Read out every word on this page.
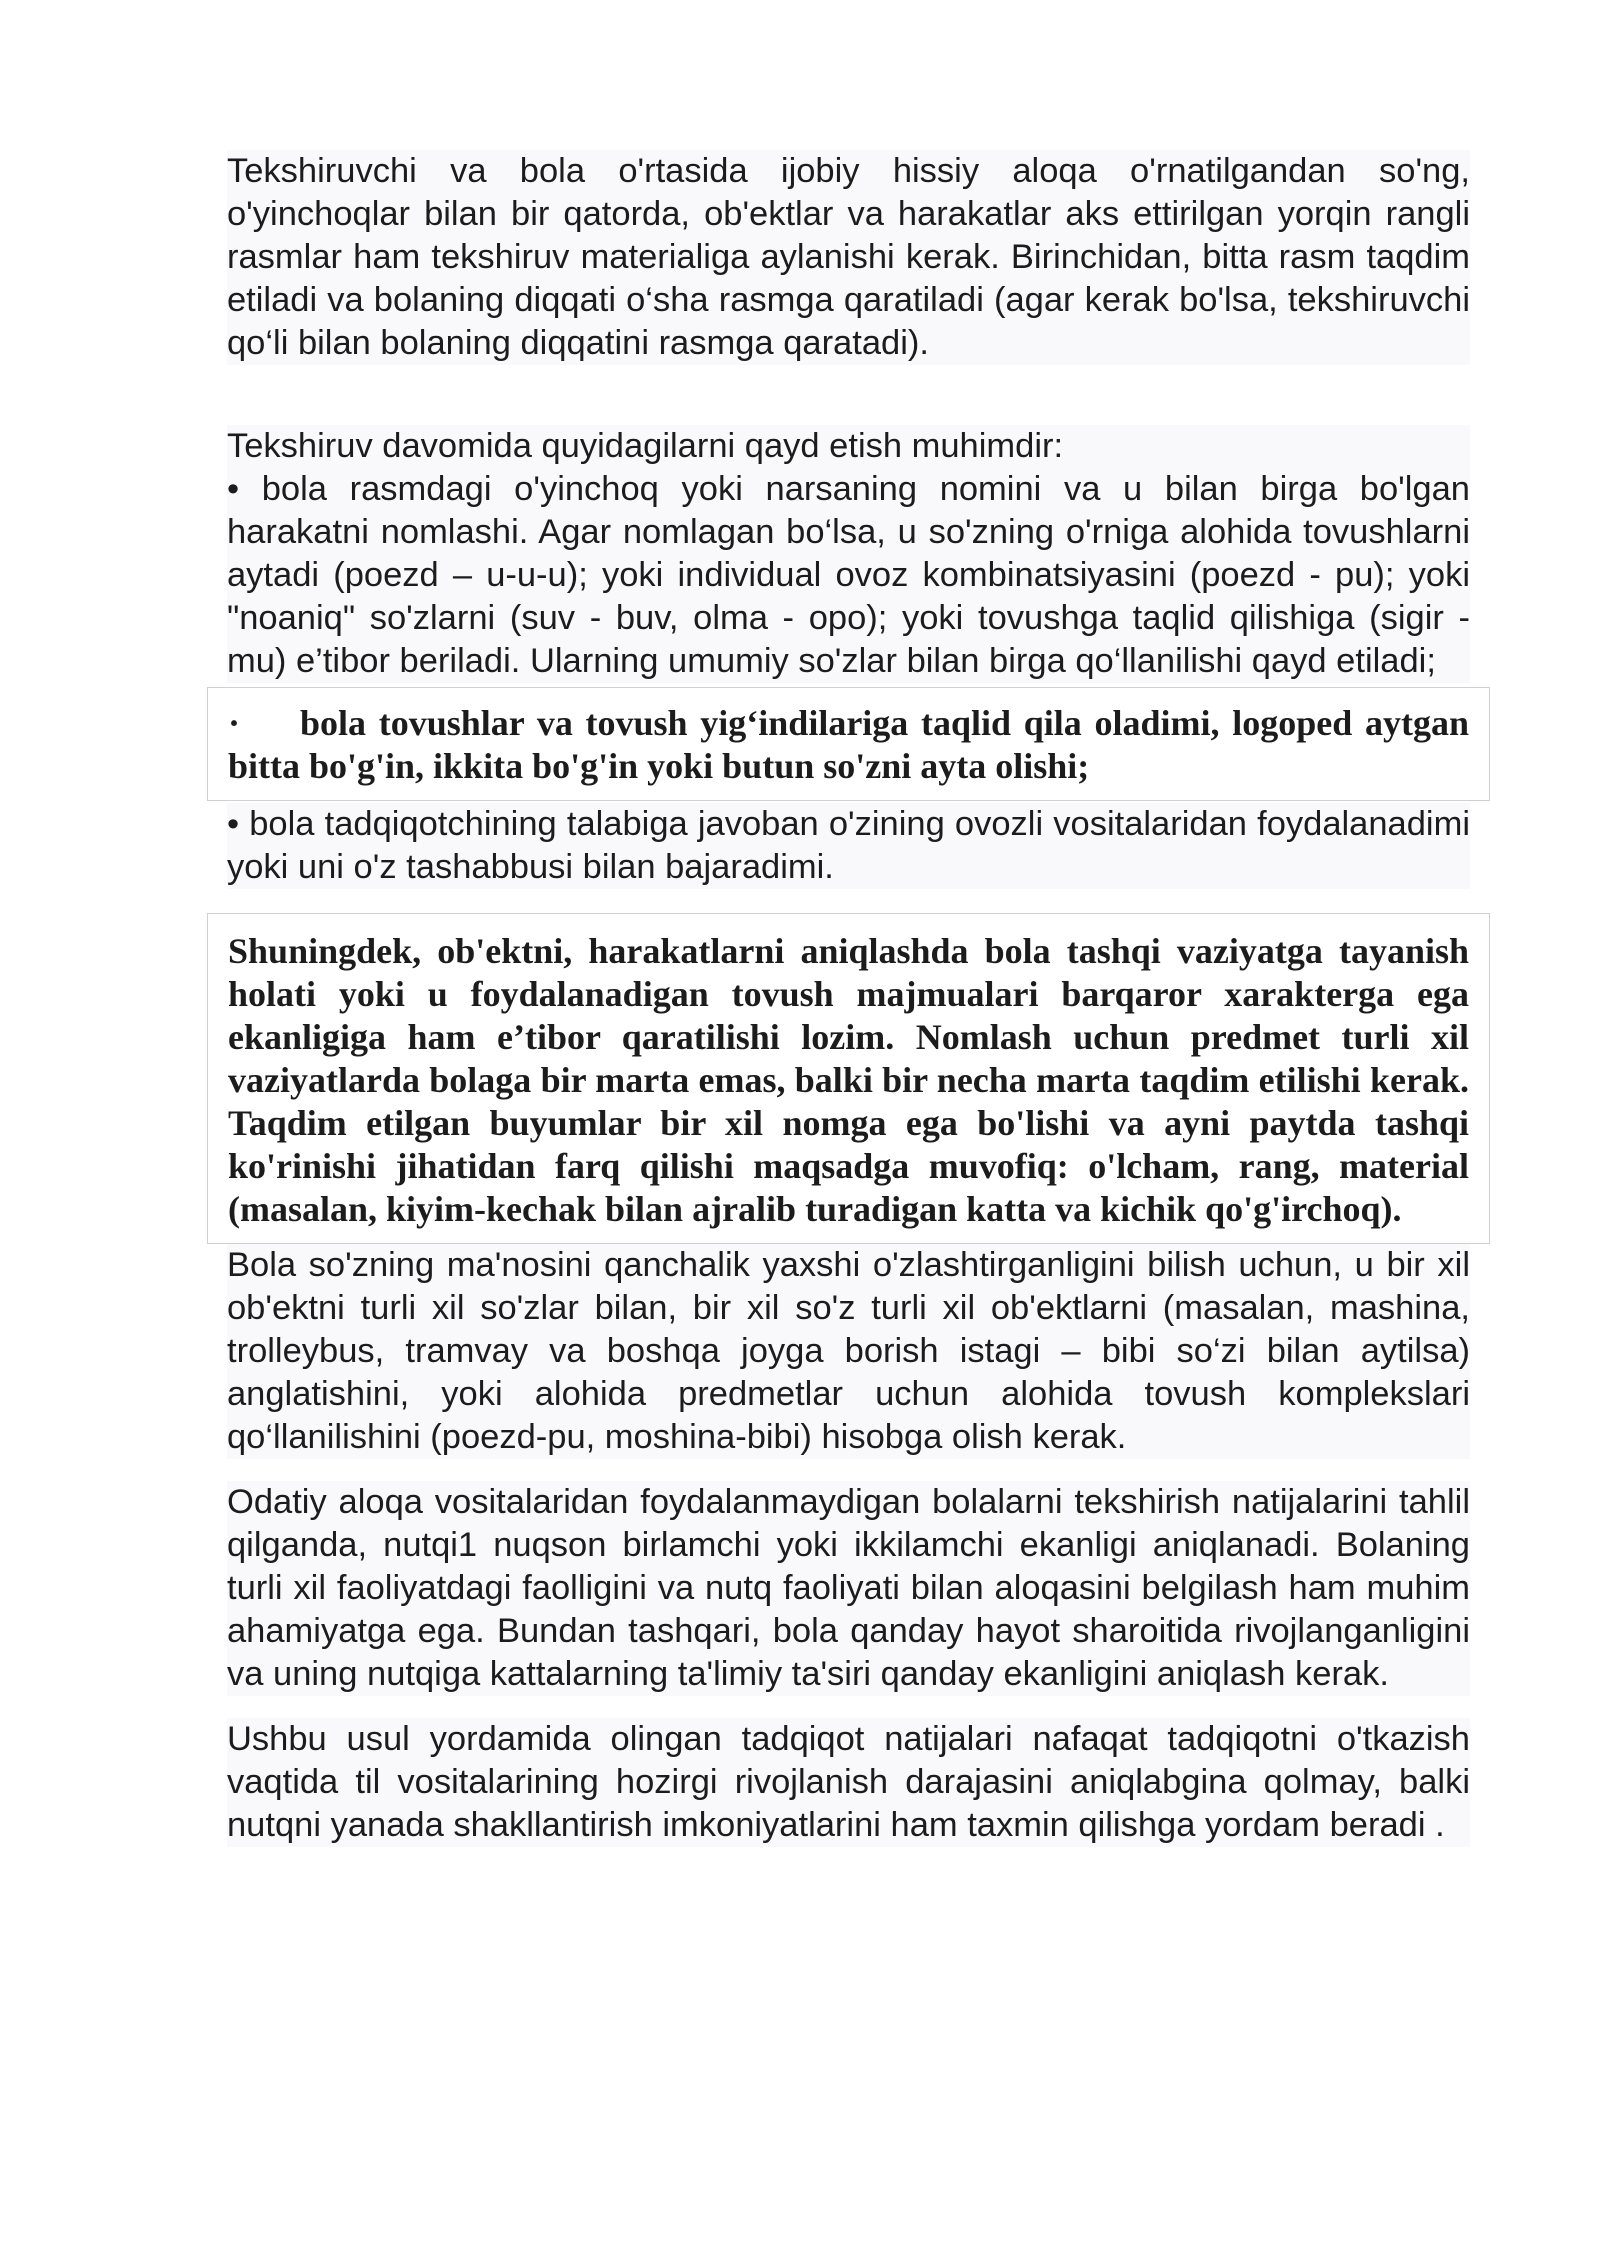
Tekshiruvchi va bola o'rtasida ijobiy hissiy aloqa o'rnatilgandan so'ng, o'yinchoqlar bilan bir qatorda, ob'ektlar va harakatlar aks ettirilgan yorqin rangli rasmlar ham tekshiruv materialiga aylanishi kerak. Birinchidan, bitta rasm taqdim etiladi va bolaning diqqati o‘sha rasmga qaratiladi (agar kerak bo'lsa, tekshiruvchi qo‘li bilan bolaning diqqatini rasmga qaratadi).

Tekshiruv davomida quyidagilarni qayd etish muhimdir:

• bola rasmdagi o'yinchoq yoki narsaning nomini va u bilan birga bo'lgan harakatni nomlashi. Agar nomlagan bo‘lsa, u so'zning o'rniga alohida tovushlarni aytadi (poezd – u-u-u); yoki individual ovoz kombinatsiyasini (poezd - pu); yoki "noaniq" so'zlarni (suv - buv, olma - opo); yoki tovushga taqlid qilishiga (sigir - mu) e’tibor beriladi. Ularning umumiy so'zlar bilan birga qo‘llanilishi qayd etiladi;

· bola tovushlar va tovush yig‘indilariga taqlid qila oladimi, logoped aytgan bitta bo'g'in, ikkita bo'g'in yoki butun so'zni ayta olishi;

• bola tadqiqotchining talabiga javoban o'zining ovozli vositalaridan foydalanadimi yoki uni o'z tashabbusi bilan bajaradimi.

Shuningdek, ob'ektni, harakatlarni aniqlashda bola tashqi vaziyatga tayanish holati yoki u foydalanadigan tovush majmualari barqaror xarakterga ega ekanligiga ham e’tibor qaratilishi lozim. Nomlash uchun predmet turli xil vaziyatlarda bolaga bir marta emas, balki bir necha marta taqdim etilishi kerak. Taqdim etilgan buyumlar bir xil nomga ega bo'lishi va ayni paytda tashqi ko'rinishi jihatidan farq qilishi maqsadga muvofiq: o'lcham, rang, material (masalan, kiyim-kechak bilan ajralib turadigan katta va kichik qo'g'irchoq).

Bola so'zning ma'nosini qanchalik yaxshi o'zlashtirganligini bilish uchun, u bir xil ob'ektni turli xil so'zlar bilan, bir xil so'z turli xil ob'ektlarni (masalan, mashina, trolleybus, tramvay va boshqa joyga borish istagi – bibi so‘zi bilan aytilsa) anglatishini, yoki alohida predmetlar uchun alohida tovush komplekslari qo‘llanilishini (poezd-pu, moshina-bibi) hisobga olish kerak.

Odatiy aloqa vositalaridan foydalanmaydigan bolalarni tekshirish natijalarini tahlil qilganda, nutqi1 nuqson birlamchi yoki ikkilamchi ekanligi aniqlanadi. Bolaning turli xil faoliyatdagi faolligini va nutq faoliyati bilan aloqasini belgilash ham muhim ahamiyatga ega. Bundan tashqari, bola qanday hayot sharoitida rivojlanganligini va uning nutqiga kattalarning ta'limiy ta'siri qanday ekanligini aniqlash kerak.

Ushbu usul yordamida olingan tadqiqot natijalari nafaqat tadqiqotni o'tkazish vaqtida til vositalarining hozirgi rivojlanish darajasini aniqlabgina qolmay, balki nutqni yanada shakllantirish imkoniyatlarini ham taxmin qilishga yordam beradi .
